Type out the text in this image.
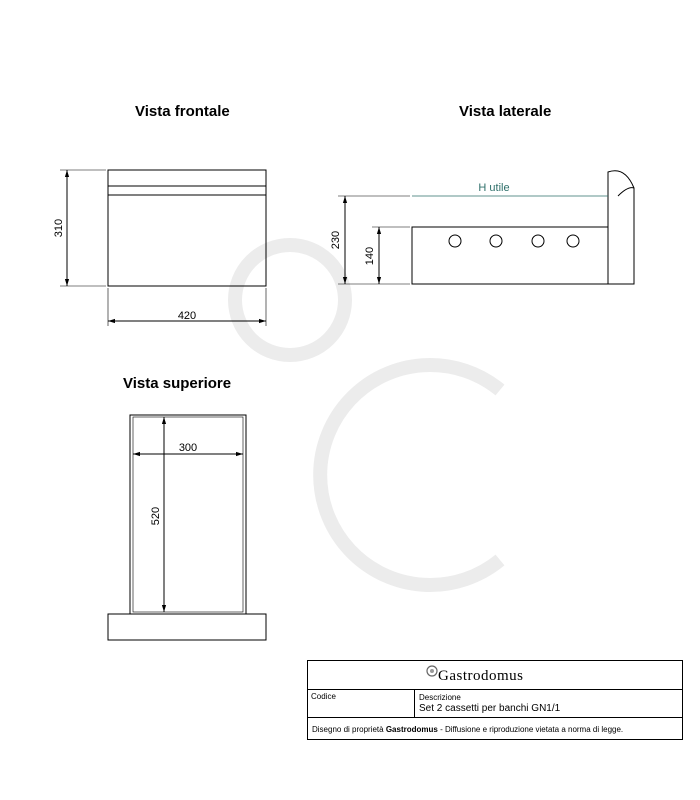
Vista frontale	Vista laterale
Vista superiore
310
420
H utile
230
140
300
520
Gastrodomus
Codice	Descrizione
Set 2 cassetti per banchi GN1/1
Disegno di proprietà Gastrodomus - Diffusione e riproduzione vietata a norma di legge.
